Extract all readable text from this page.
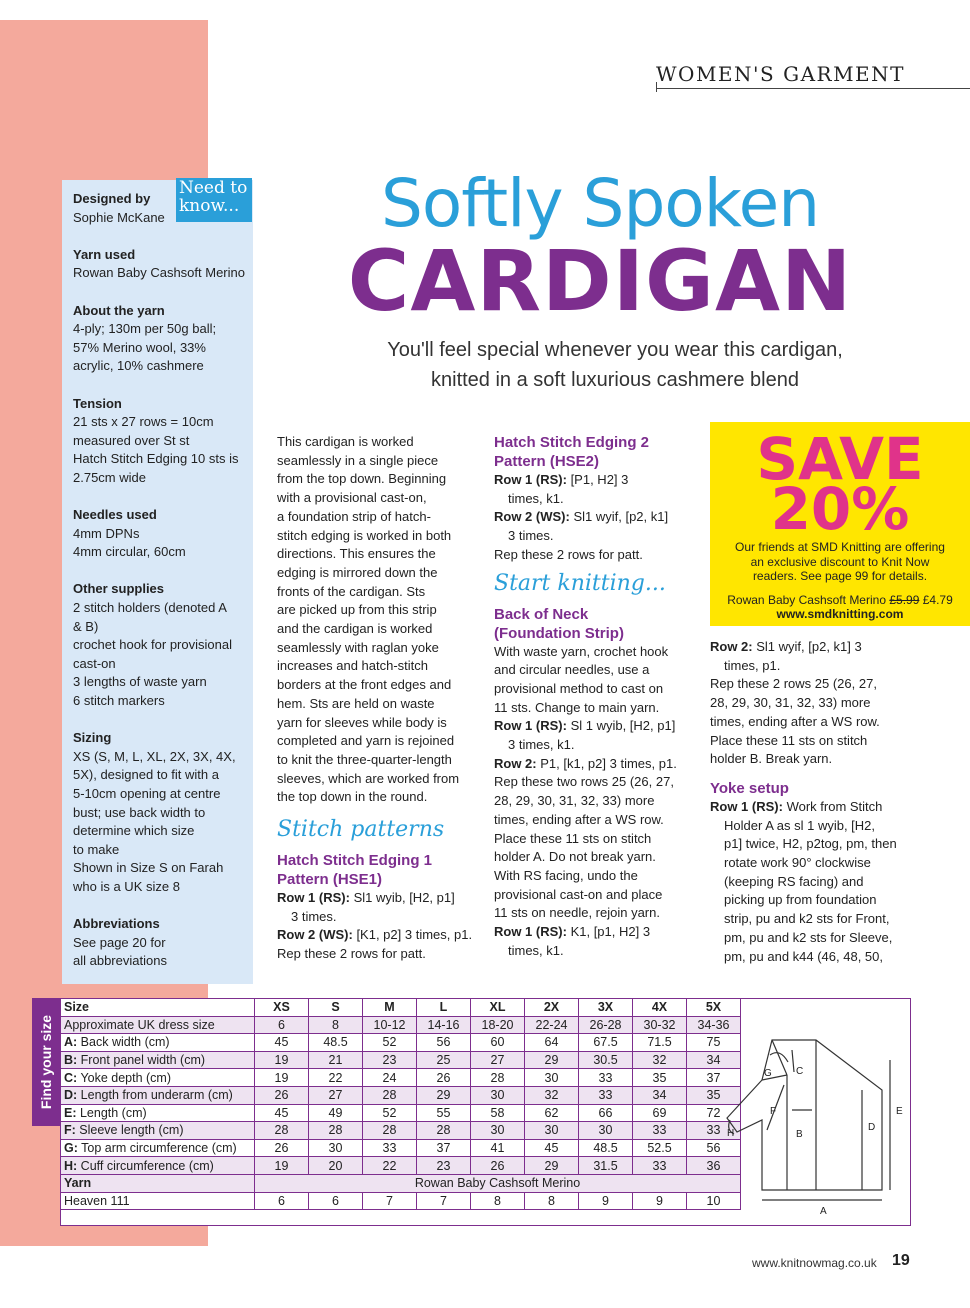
WOMEN'S GARMENT
Need to know...
Designed by
Sophie McKane
Yarn used
Rowan Baby Cashsoft Merino
About the yarn
4-ply; 130m per 50g ball;
57% Merino wool, 33%
acrylic, 10% cashmere
Tension
21 sts x 27 rows = 10cm
measured over St st
Hatch Stitch Edging 10 sts is
2.75cm wide
Needles used
4mm DPNs
4mm circular, 60cm
Other supplies
2 stitch holders (denoted A
& B)
crochet hook for provisional
cast-on
3 lengths of waste yarn
6 stitch markers
Sizing
XS (S, M, L, XL, 2X, 3X, 4X,
5X), designed to fit with a
5-10cm opening at centre
bust; use back width to
determine which size
to make
Shown in Size S on Farah
who is a UK size 8
Abbreviations
See page 20 for
all abbreviations
Softly Spoken
CARDIGAN
You'll feel special whenever you wear this cardigan,
knitted in a soft luxurious cashmere blend
This cardigan is worked
seamlessly in a single piece
from the top down. Beginning
with a provisional cast-on,
a foundation strip of hatch-
stitch edging is worked in both
directions. This ensures the
edging is mirrored down the
fronts of the cardigan. Sts
are picked up from this strip
and the cardigan is worked
seamlessly with raglan yoke
increases and hatch-stitch
borders at the front edges and
hem. Sts are held on waste
yarn for sleeves while body is
completed and yarn is rejoined
to knit the three-quarter-length
sleeves, which are worked from
the top down in the round.
Stitch patterns
Hatch Stitch Edging 1
Pattern (HSE1)
Row 1 (RS): Sl1 wyib, [H2, p1]
3 times.
Row 2 (WS): [K1, p2] 3 times, p1.
Rep these 2 rows for patt.
Hatch Stitch Edging 2
Pattern (HSE2)
Row 1 (RS): [P1, H2] 3
times, k1.
Row 2 (WS): Sl1 wyif, [p2, k1]
3 times.
Rep these 2 rows for patt.
Start knitting...
Back of Neck
(Foundation Strip)
With waste yarn, crochet hook
and circular needles, use a
provisional method to cast on
11 sts. Change to main yarn.
Row 1 (RS): Sl 1 wyib, [H2, p1]
3 times, k1.
Row 2: P1, [k1, p2] 3 times, p1.
Rep these two rows 25 (26, 27,
28, 29, 30, 31, 32, 33) more
times, ending after a WS row.
Place these 11 sts on stitch
holder A. Do not break yarn.
With RS facing, undo the
provisional cast-on and place
11 sts on needle, rejoin yarn.
Row 1 (RS): K1, [p1, H2] 3
times, k1.
SAVE
20%
Our friends at SMD Knitting are offering
an exclusive discount to Knit Now
readers. See page 99 for details.
Rowan Baby Cashsoft Merino £5.99 £4.79
www.smdknitting.com
Row 2: Sl1 wyif, [p2, k1] 3
times, p1.
Rep these 2 rows 25 (26, 27,
28, 29, 30, 31, 32, 33) more
times, ending after a WS row.
Place these 11 sts on stitch
holder B. Break yarn.
Yoke setup
Row 1 (RS): Work from Stitch
Holder A as sl 1 wyib, [H2,
p1] twice, H2, p2tog, pm, then
rotate work 90° clockwise
(keeping RS facing) and
picking up from foundation
strip, pu and k2 sts for Front,
pm, pu and k2 sts for Sleeve,
pm, pu and k44 (46, 48, 50,
Find your size
Size	XS	S	M	L	XL	2X	3X	4X	5X
Approximate UK dress size	6	8	10-12	14-16	18-20	22-24	26-28	30-32	34-36
A: Back width (cm)	45	48.5	52	56	60	64	67.5	71.5	75
B: Front panel width (cm)	19	21	23	25	27	29	30.5	32	34
C: Yoke depth (cm)	19	22	24	26	28	30	33	35	37
D: Length from underarm (cm)	26	27	28	29	30	32	33	34	35
E: Length (cm)	45	49	52	55	58	62	66	69	72
F: Sleeve length (cm)	28	28	28	28	30	30	30	33	33
G: Top arm circumference (cm)	26	30	33	37	41	45	48.5	52.5	56
H: Cuff circumference (cm)	19	20	22	23	26	29	31.5	33	36
Yarn	Rowan Baby Cashsoft Merino								
Heaven 111	6	6	7	7	8	8	9	9	10
A
B
C
D
E
F
G
H
www.knitnowmag.co.uk 19
